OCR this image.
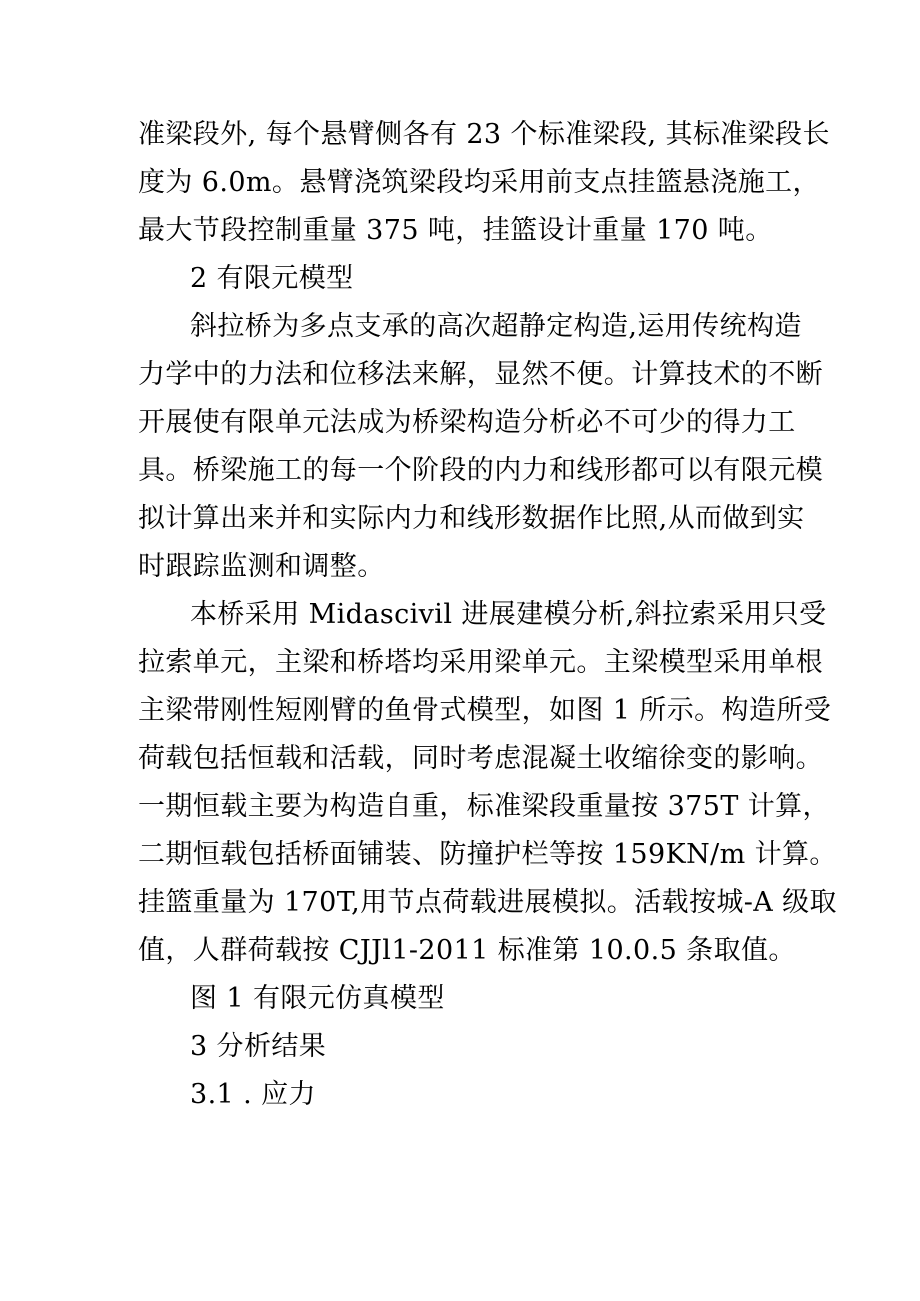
准梁段外, 每个悬臂侧各有 23 个标准梁段, 其标准梁段长
度为 6.0m。悬臂浇筑梁段均采用前支点挂篮悬浇施工，
最大节段控制重量 375 吨，挂篮设计重量 170 吨。
2 有限元模型
斜拉桥为多点支承的高次超静定构造,运用传统构造
力学中的力法和位移法来解，显然不便。计算技术的不断
开展使有限单元法成为桥梁构造分析必不可少的得力工
具。桥梁施工的每一个阶段的内力和线形都可以有限元模
拟计算出来并和实际内力和线形数据作比照,从而做到实
时跟踪监测和调整。
本桥采用 Midascivil 进展建模分析,斜拉索采用只受
拉索单元，主梁和桥塔均采用梁单元。主梁模型采用单根
主梁带刚性短刚臂的鱼骨式模型，如图 1 所示。构造所受
荷载包括恒载和活载，同时考虑混凝土收缩徐变的影响。
一期恒载主要为构造自重，标准梁段重量按 375T 计算，
二期恒载包括桥面铺装、防撞护栏等按 159KN/m 计算。
挂篮重量为 170T,用节点荷载进展模拟。活载按城-A 级取
值，人群荷载按 CJJl1-2011 标准第 10.0.5 条取值。
图 1 有限元仿真模型
3 分析结果
3.1 . 应力
